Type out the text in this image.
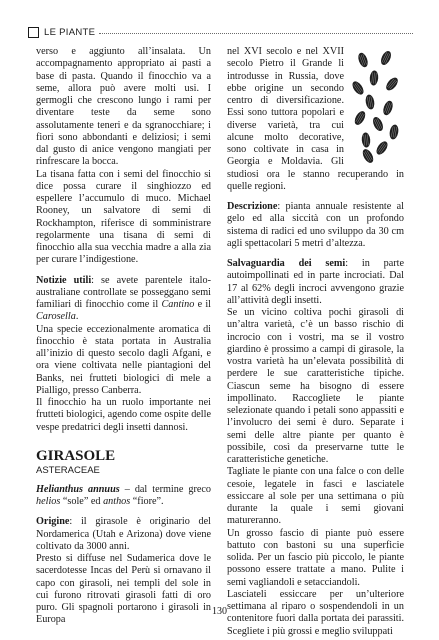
LE PIANTE

verso e aggiunto all’insalata. Un accompagnamento appropriato ai pasti a base di pasta. Quando il finocchio va a seme, allora può avere molti usi. I germogli che crescono lungo i rami per diventare teste da seme sono assolutamente teneri e da sgranocchiare; i fiori sono abbondanti e deliziosi; i semi dal gusto di anice vengono mangiati per rinfrescare la bocca.

La tisana fatta con i semi del finocchio si dice possa curare il singhiozzo ed espellere l’accumulo di muco. Michael Rooney, un salvatore di semi di Rockhampton, riferisce di somministrare regolarmente una tisana di semi di finocchio alla sua vecchia madre a alla zia per curare l’indigestione.

Notizie utili: se avete parentele italo-australiane controllate se posseggano semi familiari di finocchio come il Cantino e il Carosella.

Una specie eccezionalmente aromatica di finocchio è stata portata in Australia all’inizio di questo secolo dagli Afgani, e ora viene coltivata nelle piantagioni del Banks, nei frutteti biologici di mele a Pialligo, presso Canberra.

Il finocchio ha un ruolo importante nei frutteti biologici, agendo come ospite delle vespe predatrici degli insetti dannosi.

GIRASOLE

ASTERACEAE

Helianthus annuus – dal termine greco helios “sole” ed anthos “fiore”.

Origine: il girasole è originario del Nordamerica (Utah e Arizona) dove viene coltivato da 3000 anni.

Presto si diffuse nel Sudamerica dove le sacerdotesse Incas del Perù si ornavano il capo con girasoli, nei templi del sole in cui furono ritrovati girasoli fatti di oro puro. Gli spagnoli portarono i girasoli in Europa

nel XVI secolo e nel XVII secolo Pietro il Grande li introdusse in Russia, dove ebbe origine un secondo centro di diversificazione. Essi sono tuttora popolari e diverse varietà, tra cui alcune molto decorative, sono coltivate in casa in Georgia e Moldavia. Gli studiosi ora le stanno recuperando in quelle regioni.

Descrizione: pianta annuale resistente al gelo ed alla siccità con un profondo sistema di radici ed uno sviluppo da 30 cm agli spettacolari 5 metri d’altezza.

Salvaguardia dei semi: in parte autoimpollinati ed in parte incrociati. Dal 17 al 62% degli incroci avvengono grazie all’attività degli insetti.

Se un vicino coltiva pochi girasoli di un’altra varietà, c’è un basso rischio di incrocio con i vostri, ma se il vostro giardino è prossimo a campi di girasole, la vostra varietà ha un’elevata possibilità di perdere le sue caratteristiche tipiche. Ciascun seme ha bisogno di essere impollinato. Raccogliete le piante selezionate quando i petali sono appassiti e l’involucro dei semi è duro. Separate i semi delle altre piante per quanto è possibile, così da preservarne tutte le caratteristiche genetiche.

Tagliate le piante con una falce o con delle cesoie, legatele in fasci e lasciatele essiccare al sole per una settimana o più durante la quale i semi giovani matureranno.

Un grosso fascio di piante può essere battuto con bastoni su una superficie solida. Per un fascio più piccolo, le piante possono essere trattate a mano. Pulite i semi vagliandoli e setacciandoli.

Lasciateli essiccare per un’ulteriore settimana al riparo o sospendendoli in un contenitore fuori dalla portata dei parassiti. Scegliete i più grossi e meglio sviluppati

130
